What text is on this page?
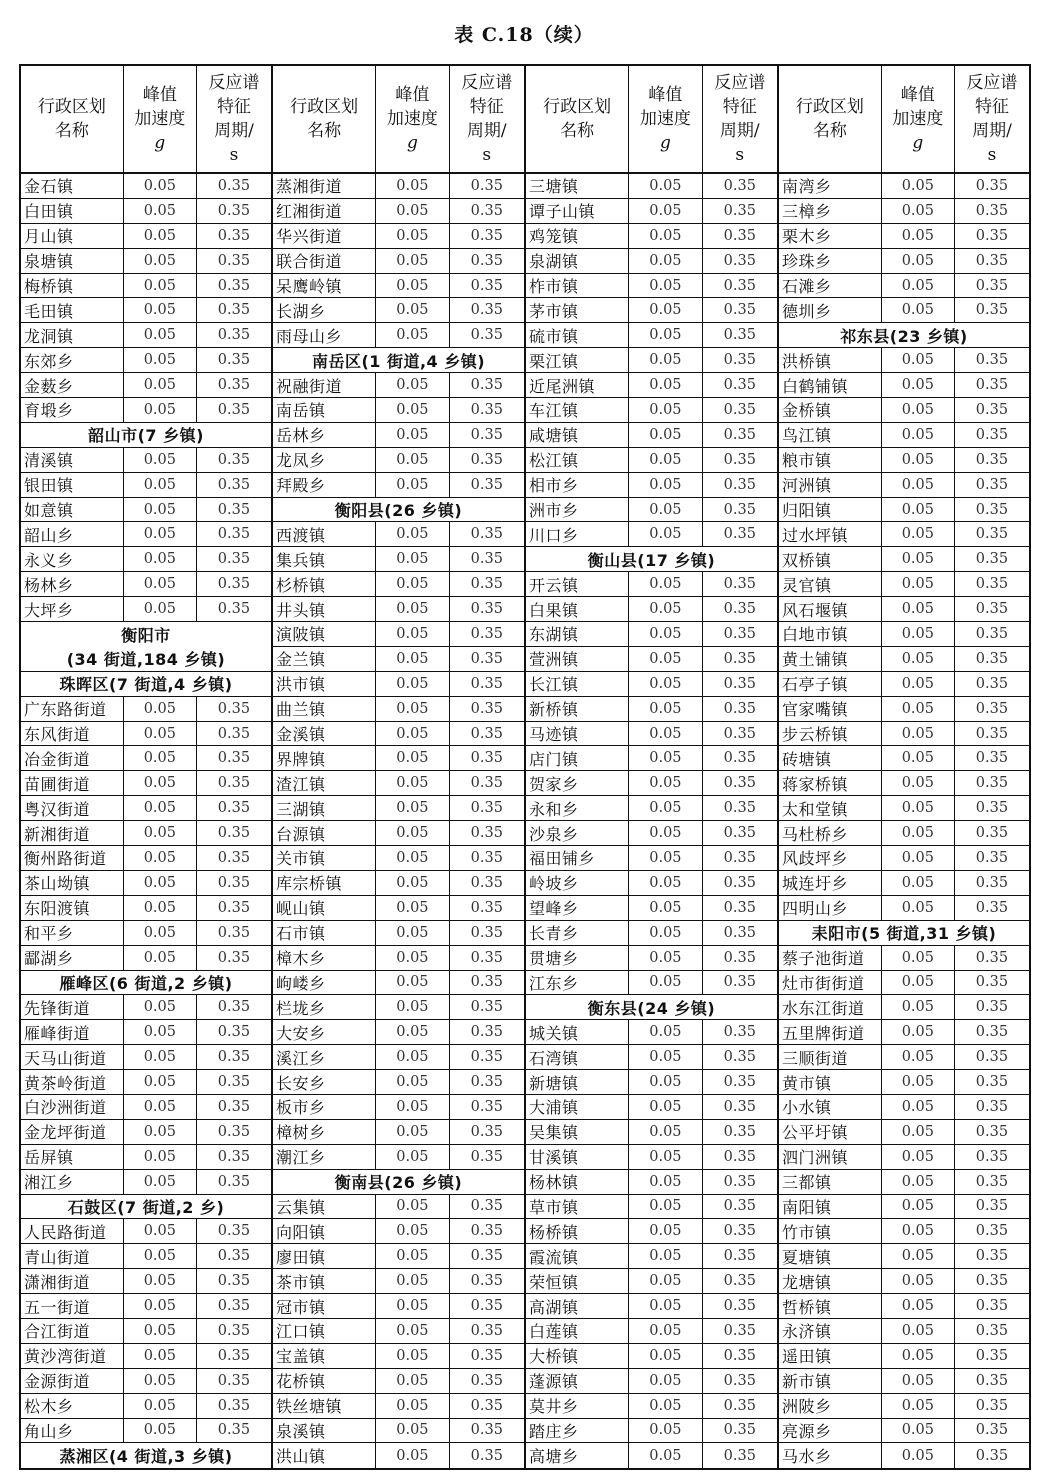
表 C.18（续）
行政区划
名称
峰值
加速度
g
反应谱
特征
周期/
s
金石镇	0.05	0.35
白田镇	0.05	0.35
月山镇	0.05	0.35
泉塘镇	0.05	0.35
梅桥镇	0.05	0.35
毛田镇	0.05	0.35
龙洞镇	0.05	0.35
东郊乡	0.05	0.35
金薮乡	0.05	0.35
育塅乡	0.05	0.35
韶山市(7 乡镇)
清溪镇	0.05	0.35
银田镇	0.05	0.35
如意镇	0.05	0.35
韶山乡	0.05	0.35
永义乡	0.05	0.35
杨林乡	0.05	0.35
大坪乡	0.05	0.35
衡阳市
(34 街道,184 乡镇)
珠晖区(7 街道,4 乡镇)
广东路街道	0.05	0.35
东风街道	0.05	0.35
冶金街道	0.05	0.35
苗圃街道	0.05	0.35
粤汉街道	0.05	0.35
新湘街道	0.05	0.35
衡州路街道	0.05	0.35
茶山坳镇	0.05	0.35
东阳渡镇	0.05	0.35
和平乡	0.05	0.35
酃湖乡	0.05	0.35
雁峰区(6 街道,2 乡镇)
先锋街道	0.05	0.35
雁峰街道	0.05	0.35
天马山街道	0.05	0.35
黄茶岭街道	0.05	0.35
白沙洲街道	0.05	0.35
金龙坪街道	0.05	0.35
岳屏镇	0.05	0.35
湘江乡	0.05	0.35
石鼓区(7 街道,2 乡)
人民路街道	0.05	0.35
青山街道	0.05	0.35
潇湘街道	0.05	0.35
五一街道	0.05	0.35
合江街道	0.05	0.35
黄沙湾街道	0.05	0.35
金源街道	0.05	0.35
松木乡	0.05	0.35
角山乡	0.05	0.35
蒸湘区(4 街道,3 乡镇)
行政区划
名称
峰值
加速度
g
反应谱
特征
周期/
s
蒸湘街道	0.05	0.35
红湘街道	0.05	0.35
华兴街道	0.05	0.35
联合街道	0.05	0.35
呆鹰岭镇	0.05	0.35
长湖乡	0.05	0.35
雨母山乡	0.05	0.35
南岳区(1 街道,4 乡镇)
祝融街道	0.05	0.35
南岳镇	0.05	0.35
岳林乡	0.05	0.35
龙凤乡	0.05	0.35
拜殿乡	0.05	0.35
衡阳县(26 乡镇)
西渡镇	0.05	0.35
集兵镇	0.05	0.35
杉桥镇	0.05	0.35
井头镇	0.05	0.35
演陂镇	0.05	0.35
金兰镇	0.05	0.35
洪市镇	0.05	0.35
曲兰镇	0.05	0.35
金溪镇	0.05	0.35
界牌镇	0.05	0.35
渣江镇	0.05	0.35
三湖镇	0.05	0.35
台源镇	0.05	0.35
关市镇	0.05	0.35
库宗桥镇	0.05	0.35
岘山镇	0.05	0.35
石市镇	0.05	0.35
樟木乡	0.05	0.35
岣嵝乡	0.05	0.35
栏垅乡	0.05	0.35
大安乡	0.05	0.35
溪江乡	0.05	0.35
长安乡	0.05	0.35
板市乡	0.05	0.35
樟树乡	0.05	0.35
潮江乡	0.05	0.35
衡南县(26 乡镇)
云集镇	0.05	0.35
向阳镇	0.05	0.35
廖田镇	0.05	0.35
茶市镇	0.05	0.35
冠市镇	0.05	0.35
江口镇	0.05	0.35
宝盖镇	0.05	0.35
花桥镇	0.05	0.35
铁丝塘镇	0.05	0.35
泉溪镇	0.05	0.35
洪山镇	0.05	0.35
行政区划
名称
峰值
加速度
g
反应谱
特征
周期/
s
三塘镇	0.05	0.35
谭子山镇	0.05	0.35
鸡笼镇	0.05	0.35
泉湖镇	0.05	0.35
柞市镇	0.05	0.35
茅市镇	0.05	0.35
硫市镇	0.05	0.35
栗江镇	0.05	0.35
近尾洲镇	0.05	0.35
车江镇	0.05	0.35
咸塘镇	0.05	0.35
松江镇	0.05	0.35
相市乡	0.05	0.35
洲市乡	0.05	0.35
川口乡	0.05	0.35
衡山县(17 乡镇)
开云镇	0.05	0.35
白果镇	0.05	0.35
东湖镇	0.05	0.35
萱洲镇	0.05	0.35
长江镇	0.05	0.35
新桥镇	0.05	0.35
马迹镇	0.05	0.35
店门镇	0.05	0.35
贺家乡	0.05	0.35
永和乡	0.05	0.35
沙泉乡	0.05	0.35
福田铺乡	0.05	0.35
岭坡乡	0.05	0.35
望峰乡	0.05	0.35
长青乡	0.05	0.35
贯塘乡	0.05	0.35
江东乡	0.05	0.35
衡东县(24 乡镇)
城关镇	0.05	0.35
石湾镇	0.05	0.35
新塘镇	0.05	0.35
大浦镇	0.05	0.35
吴集镇	0.05	0.35
甘溪镇	0.05	0.35
杨林镇	0.05	0.35
草市镇	0.05	0.35
杨桥镇	0.05	0.35
霞流镇	0.05	0.35
荣恒镇	0.05	0.35
高湖镇	0.05	0.35
白莲镇	0.05	0.35
大桥镇	0.05	0.35
蓬源镇	0.05	0.35
莫井乡	0.05	0.35
踏庄乡	0.05	0.35
高塘乡	0.05	0.35
行政区划
名称
峰值
加速度
g
反应谱
特征
周期/
s
南湾乡	0.05	0.35
三樟乡	0.05	0.35
栗木乡	0.05	0.35
珍珠乡	0.05	0.35
石滩乡	0.05	0.35
德圳乡	0.05	0.35
祁东县(23 乡镇)
洪桥镇	0.05	0.35
白鹤铺镇	0.05	0.35
金桥镇	0.05	0.35
鸟江镇	0.05	0.35
粮市镇	0.05	0.35
河洲镇	0.05	0.35
归阳镇	0.05	0.35
过水坪镇	0.05	0.35
双桥镇	0.05	0.35
灵官镇	0.05	0.35
风石堰镇	0.05	0.35
白地市镇	0.05	0.35
黄土铺镇	0.05	0.35
石亭子镇	0.05	0.35
官家嘴镇	0.05	0.35
步云桥镇	0.05	0.35
砖塘镇	0.05	0.35
蒋家桥镇	0.05	0.35
太和堂镇	0.05	0.35
马杜桥乡	0.05	0.35
风歧坪乡	0.05	0.35
城连圩乡	0.05	0.35
四明山乡	0.05	0.35
耒阳市(5 街道,31 乡镇)
蔡子池街道	0.05	0.35
灶市街街道	0.05	0.35
水东江街道	0.05	0.35
五里牌街道	0.05	0.35
三顺街道	0.05	0.35
黄市镇	0.05	0.35
小水镇	0.05	0.35
公平圩镇	0.05	0.35
泗门洲镇	0.05	0.35
三都镇	0.05	0.35
南阳镇	0.05	0.35
竹市镇	0.05	0.35
夏塘镇	0.05	0.35
龙塘镇	0.05	0.35
哲桥镇	0.05	0.35
永济镇	0.05	0.35
遥田镇	0.05	0.35
新市镇	0.05	0.35
洲陂乡	0.05	0.35
亮源乡	0.05	0.35
马水乡	0.05	0.35
